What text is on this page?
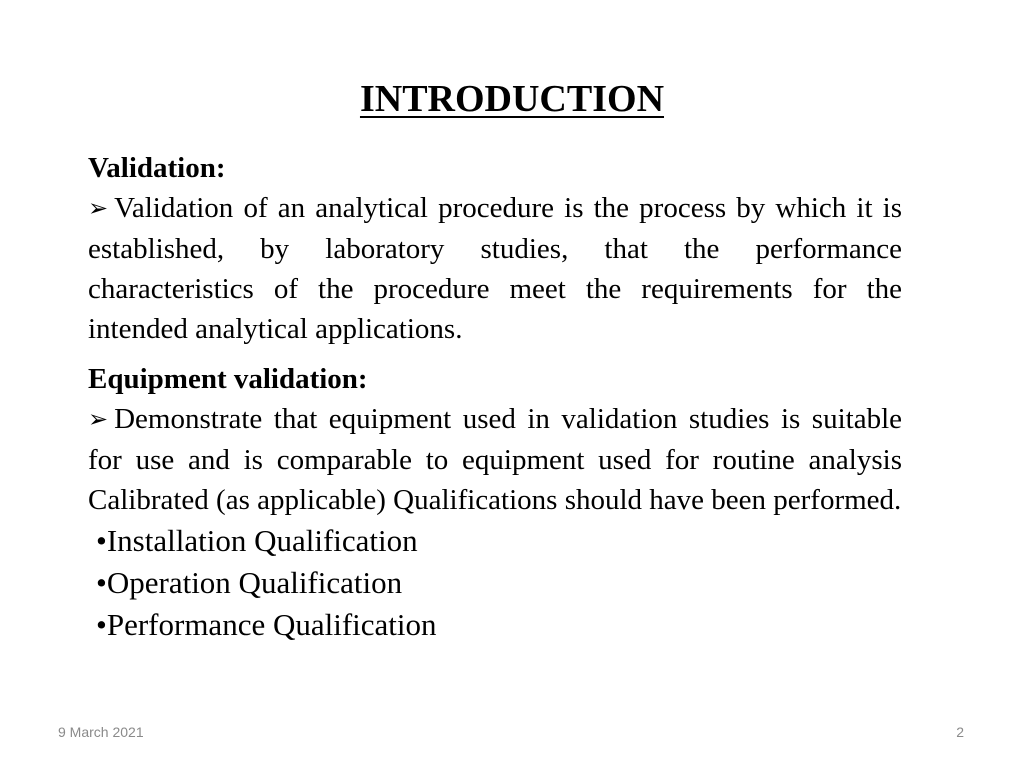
INTRODUCTION

Validation:

➢ Validation of an analytical procedure is the process by which it is established, by laboratory studies, that the performance characteristics of the procedure meet the requirements for the intended analytical applications.

Equipment validation:

➢ Demonstrate that equipment used in validation studies is suitable for use and is comparable to equipment used for routine analysis Calibrated (as applicable) Qualifications should have been performed.

•Installation Qualification
•Operation Qualification
•Performance Qualification
9 March 2021	2
